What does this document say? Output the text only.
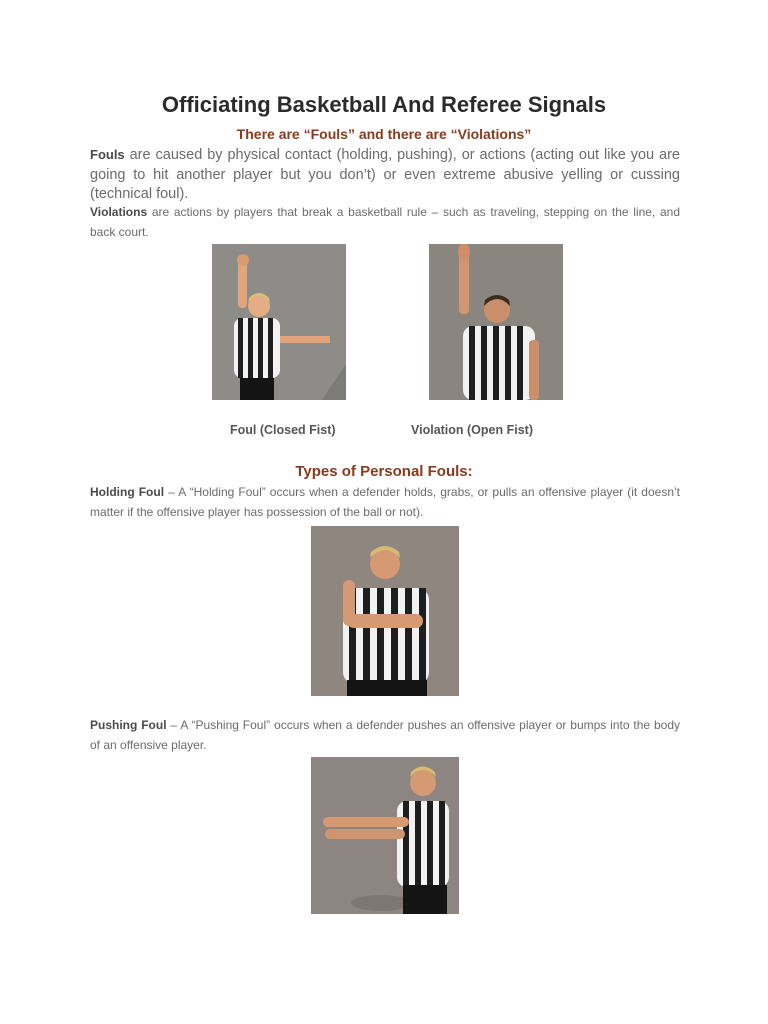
Officiating Basketball And Referee Signals
There are “Fouls” and there are “Violations”

Fouls are caused by physical contact (holding, pushing), or actions (acting out like you are going to hit another player but you don’t) or even extreme abusive yelling or cussing (technical foul).

Violations are actions by players that break a basketball rule – such as traveling, stepping on the line, and back court.

Foul (Closed Fist)	Violation (Open Fist)
Types of Personal Fouls:

Holding Foul – A “Holding Foul” occurs when a defender holds, grabs, or pulls an offensive player (it doesn’t matter if the offensive player has possession of the ball or not).

Pushing Foul – A “Pushing Foul” occurs when a defender pushes an offensive player or bumps into the body of an offensive player.
